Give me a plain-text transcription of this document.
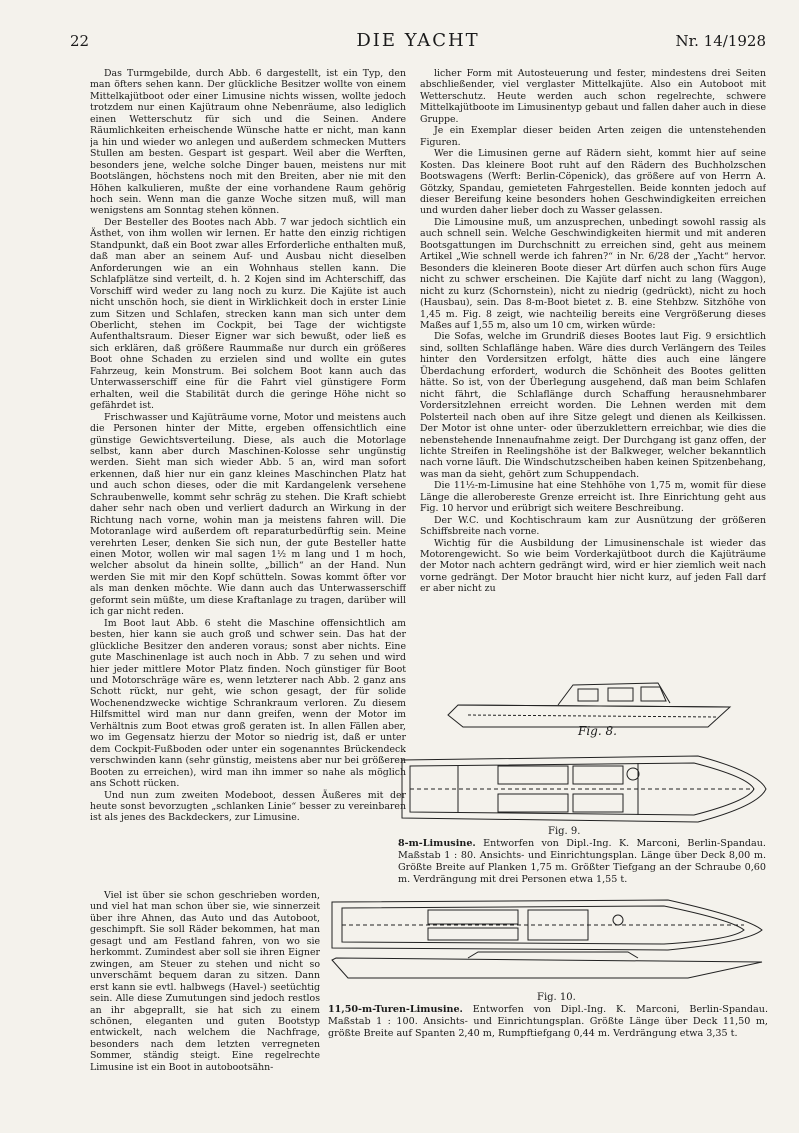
22	DIE YACHT	Nr. 14/1928

Das Turmgebilde, durch Abb. 6 dargestellt, ist ein Typ, den man öfters sehen kann. Der glückliche Besitzer wollte von einem Mittelkajütboot oder einer Limusine nichts wissen, wollte jedoch trotzdem nur einen Kajütraum ohne Nebenräume, also lediglich einen Wetterschutz für sich und die Seinen. Andere Räumlichkeiten erheischende Wünsche hatte er nicht, man kann ja hin und wieder wo anlegen und außerdem schmecken Mutters Stullen am besten. Gespart ist gespart. Weil aber die Werften, besonders jene, welche solche Dinger bauen, meistens nur mit Bootslängen, höchstens noch mit den Breiten, aber nie mit den Höhen kalkulieren, mußte der eine vorhandene Raum gehörig hoch sein. Wenn man die ganze Woche sitzen muß, will man wenigstens am Sonntag stehen können.

Der Besteller des Bootes nach Abb. 7 war jedoch sichtlich ein Ästhet, von ihm wollen wir lernen. Er hatte den einzig richtigen Standpunkt, daß ein Boot zwar alles Erforderliche enthalten muß, daß man aber an seinem Auf- und Ausbau nicht dieselben Anforderungen wie an ein Wohnhaus stellen kann. Die Schlafplätze sind verteilt, d. h. 2 Kojen sind im Achterschiff, das Vorschiff wird weder zu lang noch zu kurz. Die Kajüte ist auch nicht unschön hoch, sie dient in Wirklichkeit doch in erster Linie zum Sitzen und Schlafen, strecken kann man sich unter dem Oberlicht, stehen im Cockpit, bei Tage der wichtigste Aufenthaltsraum. Dieser Eigner war sich bewußt, oder ließ es sich erklären, daß größere Raummaße nur durch ein größeres Boot ohne Schaden zu erzielen sind und wollte ein gutes Fahrzeug, kein Monstrum. Bei solchem Boot kann auch das Unterwasserschiff eine für die Fahrt viel günstigere Form erhalten, weil die Stabilität durch die geringe Höhe nicht so gefährdet ist.

Frischwasser und Kajüträume vorne, Motor und meistens auch die Personen hinter der Mitte, ergeben offensichtlich eine günstige Gewichtsverteilung. Diese, als auch die Motorlage selbst, kann aber durch Maschinen-Kolosse sehr ungünstig werden. Sieht man sich wieder Abb. 5 an, wird man sofort erkennen, daß hier nur ein ganz kleines Maschinchen Platz hat und auch schon dieses, oder die mit Kardangelenk versehene Schraubenwelle, kommt sehr schräg zu stehen. Die Kraft schiebt daher sehr nach oben und verliert dadurch an Wirkung in der Richtung nach vorne, wohin man ja meistens fahren will. Die Motoranlage wird außerdem oft reparaturbedürftig sein. Meine verehrten Leser, denken Sie sich nun, der gute Besteller hatte einen Motor, wollen wir mal sagen 1½ m lang und 1 m hoch, welcher absolut da hinein sollte, „billich“ an der Hand. Nun werden Sie mit mir den Kopf schütteln. Sowas kommt öfter vor als man denken möchte. Wie dann auch das Unterwasserschiff geformt sein müßte, um diese Kraftanlage zu tragen, darüber will ich gar nicht reden.

Im Boot laut Abb. 6 steht die Maschine offensichtlich am besten, hier kann sie auch groß und schwer sein. Das hat der glückliche Besitzer den anderen voraus; sonst aber nichts. Eine gute Maschinenlage ist auch noch in Abb. 7 zu sehen und wird hier jeder mittlere Motor Platz finden. Noch günstiger für Boot und Motorschräge wäre es, wenn letzterer nach Abb. 2 ganz ans Schott rückt, nur geht, wie schon gesagt, der für solide Wochenendzwecke wichtige Schrankraum verloren. Zu diesem Hilfsmittel wird man nur dann greifen, wenn der Motor im Verhältnis zum Boot etwas groß geraten ist. In allen Fällen aber, wo im Gegensatz hierzu der Motor so niedrig ist, daß er unter dem Cockpit-Fußboden oder unter ein sogenanntes Brückendeck verschwinden kann (sehr günstig, meistens aber nur bei größeren Booten zu erreichen), wird man ihn immer so nahe als möglich ans Schott rücken.

Und nun zum zweiten Modeboot, dessen Äußeres mit der heute sonst bevorzugten „schlanken Linie“ besser zu vereinbaren ist als jenes des Backdeckers, zur Limusine.

Viel ist über sie schon geschrieben worden, und viel hat man schon über sie, wie sinnerzeit über ihre Ahnen, das Auto und das Autoboot, geschimpft. Sie soll Räder bekommen, hat man gesagt und am Festland fahren, von wo sie herkommt. Zumindest aber soll sie ihren Eigner zwingen, am Steuer zu stehen und nicht so unverschämt bequem daran zu sitzen. Dann erst kann sie evtl. halbwegs (Havel-) seetüchtig sein. Alle diese Zumutungen sind jedoch restlos an ihr abgeprallt, sie hat sich zu einem schönen, eleganten und guten Bootstyp entwickelt, nach welchem die Nachfrage, besonders nach dem letzten verregneten Sommer, ständig steigt. Eine regelrechte Limusine ist ein Boot in autobootsähn-

licher Form mit Autosteuerung und fester, mindestens drei Seiten abschließender, viel verglaster Mittelkajüte. Also ein Autoboot mit Wetterschutz. Heute werden auch schon regelrechte, schwere Mittelkajütboote im Limusinentyp gebaut und fallen daher auch in diese Gruppe.

Je ein Exemplar dieser beiden Arten zeigen die untenstehenden Figuren.

Wer die Limusinen gerne auf Rädern sieht, kommt hier auf seine Kosten. Das kleinere Boot ruht auf den Rädern des Buchholzschen Bootswagens (Werft: Berlin-Cöpenick), das größere auf von Herrn A. Götzky, Spandau, gemieteten Fahrgestellen. Beide konnten jedoch auf dieser Bereifung keine besonders hohen Geschwindigkeiten erreichen und wurden daher lieber doch zu Wasser gelassen.

Die Limousine muß, um anzusprechen, unbedingt sowohl rassig als auch schnell sein. Welche Geschwindigkeiten hiermit und mit anderen Bootsgattungen im Durchschnitt zu erreichen sind, geht aus meinem Artikel „Wie schnell werde ich fahren?“ in Nr. 6/28 der „Yacht“ hervor. Besonders die kleineren Boote dieser Art dürfen auch schon fürs Auge nicht zu schwer erscheinen. Die Kajüte darf nicht zu lang (Waggon), nicht zu kurz (Schornstein), nicht zu niedrig (gedrückt), nicht zu hoch (Hausbau), sein. Das 8-m-Boot bietet z. B. eine Stehbzw. Sitzhöhe von 1,45 m. Fig. 8 zeigt, wie nachteilig bereits eine Vergrößerung dieses Maßes auf 1,55 m, also um 10 cm, wirken würde:

Die Sofas, welche im Grundriß dieses Bootes laut Fig. 9 ersichtlich sind, sollten Schlaflänge haben. Wäre dies durch Verlängern des Teiles hinter den Vordersitzen erfolgt, hätte dies auch eine längere Überdachung erfordert, wodurch die Schönheit des Bootes gelitten hätte. So ist, von der Überlegung ausgehend, daß man beim Schlafen nicht fährt, die Schlaflänge durch Schaffung herausnehmbarer Vordersitzlehnen erreicht worden. Die Lehnen werden mit dem Polsterteil nach oben auf ihre Sitze gelegt und dienen als Keilkissen. Der Motor ist ohne unter- oder überzuklettern erreichbar, wie dies die nebenstehende Innenaufnahme zeigt. Der Durchgang ist ganz offen, der lichte Streifen in Reelingshöhe ist der Balkweger, welcher bekanntlich nach vorne läuft. Die Windschutzscheiben haben keinen Spitzenbehang, was man da sieht, gehört zum Schuppendach.

Die 11½-m-Limusine hat eine Stehhöhe von 1,75 m, womit für diese Länge die allerobereste Grenze erreicht ist. Ihre Einrichtung geht aus Fig. 10 hervor und erübrigt sich weitere Beschreibung.

Der W.C. und Kochtischraum kam zur Ausnützung der größeren Schiffsbreite nach vorne.

Wichtig für die Ausbildung der Limusinenschale ist wieder das Motorengewicht. So wie beim Vorderkajütboot durch die Kajüträume der Motor nach achtern gedrängt wird, wird er hier ziemlich weit nach vorne gedrängt. Der Motor braucht hier nicht kurz, auf jeden Fall darf er aber nicht zu

Fig. 8.
Fig. 9.
8-m-Limusine. Entworfen von Dipl.-Ing. K. Marconi, Berlin-Spandau. Maßstab 1 : 80. Ansichts- und Einrichtungsplan. Länge über Deck 8,00 m. Größte Breite auf Planken 1,75 m. Größter Tiefgang an der Schraube 0,60 m. Verdrängung mit drei Personen etwa 1,55 t.
Fig. 10.
11,50-m-Turen-Limusine. Entworfen von Dipl.-Ing. K. Marconi, Berlin-Spandau. Maßstab 1 : 100. Ansichts- und Einrichtungsplan. Größte Länge über Deck 11,50 m, größte Breite auf Spanten 2,40 m, Rumpftiefgang 0,44 m. Verdrängung etwa 3,35 t.
